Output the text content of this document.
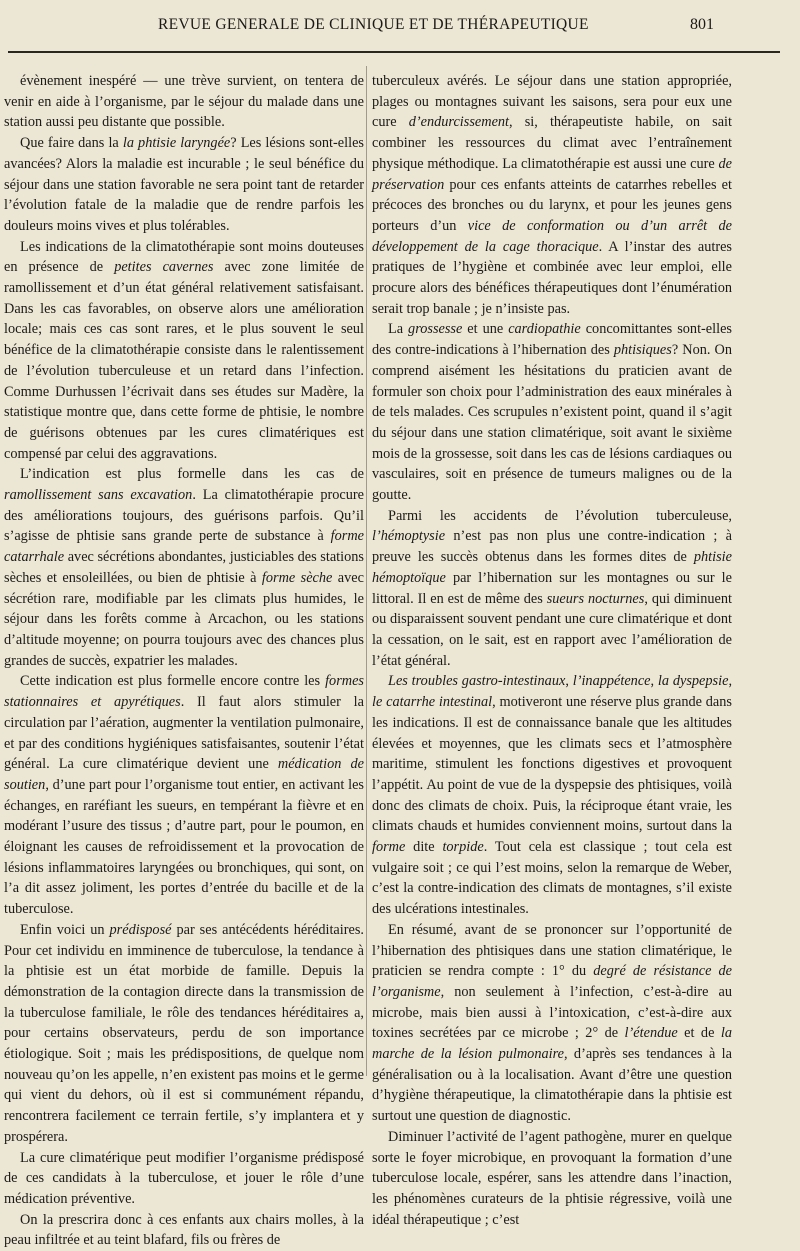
REVUE GENERALE DE CLINIQUE ET DE THÉRAPEUTIQUE	801

évènement inespéré — une trève survient, on tentera de venir en aide à l’organisme, par le séjour du malade dans une station aussi peu distante que possible.

Que faire dans la la phtisie laryngée? Les lésions sont-elles avancées? Alors la maladie est incurable ; le seul bénéfice du séjour dans une station favorable ne sera point tant de retarder l’évolution fatale de la maladie que de rendre parfois les douleurs moins vives et plus tolérables.

Les indications de la climatothérapie sont moins douteuses en présence de petites cavernes avec zone limitée de ramollissement et d’un état général relativement satisfaisant. Dans les cas favorables, on observe alors une amélioration locale; mais ces cas sont rares, et le plus souvent le seul bénéfice de la climatothérapie consiste dans le ralentissement de l’évolution tuberculeuse et un retard dans l’infection. Comme Durhussen l’écrivait dans ses études sur Madère, la statistique montre que, dans cette forme de phtisie, le nombre de guérisons obtenues par les cures climatériques est compensé par celui des aggravations.

L’indication est plus formelle dans les cas de ramollissement sans excavation. La climatothérapie procure des améliorations toujours, des guérisons parfois. Qu’il s’agisse de phtisie sans grande perte de substance à forme catarrhale avec sécrétions abondantes, justiciables des stations sèches et ensoleillées, ou bien de phtisie à forme sèche avec sécrétion rare, modifiable par les climats plus humides, le séjour dans les forêts comme à Arcachon, ou les stations d’altitude moyenne; on pourra toujours avec des chances plus grandes de succès, expatrier les malades.

Cette indication est plus formelle encore contre les formes stationnaires et apyrétiques. Il faut alors stimuler la circulation par l’aération, augmenter la ventilation pulmonaire, et par des conditions hygiéniques satisfaisantes, soutenir l’état général. La cure climatérique devient une médication de soutien, d’une part pour l’organisme tout entier, en activant les échanges, en raréfiant les sueurs, en tempérant la fièvre et en modérant l’usure des tissus ; d’autre part, pour le poumon, en éloignant les causes de refroidissement et la provocation de lésions inflammatoires laryngées ou bronchiques, qui sont, on l’a dit assez joliment, les portes d’entrée du bacille et de la tuberculose.

Enfin voici un prédisposé par ses antécédents héréditaires. Pour cet individu en imminence de tuberculose, la tendance à la phtisie est un état morbide de famille. Depuis la démonstration de la contagion directe dans la transmission de la tuberculose familiale, le rôle des tendances héréditaires a, pour certains observateurs, perdu de son importance étiologique. Soit ; mais les prédispositions, de quelque nom nouveau qu’on les appelle, n’en existent pas moins et le germe qui vient du dehors, où il est si communément répandu, rencontrera facilement ce terrain fertile, s’y implantera et y prospérera.

La cure climatérique peut modifier l’organisme prédisposé de ces candidats à la tuberculose, et jouer le rôle d’une médication préventive.

On la prescrira donc à ces enfants aux chairs molles, à la peau infiltrée et au teint blafard, fils ou frères de

tuberculeux avérés. Le séjour dans une station appropriée, plages ou montagnes suivant les saisons, sera pour eux une cure d’endurcissement, si, thérapeutiste habile, on sait combiner les ressources du climat avec l’entraînement physique méthodique. La climatothérapie est aussi une cure de préservation pour ces enfants atteints de catarrhes rebelles et précoces des bronches ou du larynx, et pour les jeunes gens porteurs d’un vice de conformation ou d’un arrêt de développement de la cage thoracique. A l’instar des autres pratiques de l’hygiène et combinée avec leur emploi, elle procure alors des bénéfices thérapeutiques dont l’énumération serait trop banale ; je n’insiste pas.

La grossesse et une cardiopathie concomittantes sont-elles des contre-indications à l’hibernation des phtisiques? Non. On comprend aisément les hésitations du praticien avant de formuler son choix pour l’administration des eaux minérales à de tels malades. Ces scrupules n’existent point, quand il s’agit du séjour dans une station climatérique, soit avant le sixième mois de la grossesse, soit dans les cas de lésions cardiaques ou vasculaires, soit en présence de tumeurs malignes ou de la goutte.

Parmi les accidents de l’évolution tuberculeuse, l’hémoptysie n’est pas non plus une contre-indication ; à preuve les succès obtenus dans les formes dites de phtisie hémoptoïque par l’hibernation sur les montagnes ou sur le littoral. Il en est de même des sueurs nocturnes, qui diminuent ou disparaissent souvent pendant une cure climatérique et dont la cessation, on le sait, est en rapport avec l’amélioration de l’état général.

Les troubles gastro-intestinaux, l’inappétence, la dyspepsie, le catarrhe intestinal, motiveront une réserve plus grande dans les indications. Il est de connaissance banale que les altitudes élevées et moyennes, que les climats secs et l’atmosphère maritime, stimulent les fonctions digestives et provoquent l’appétit. Au point de vue de la dyspepsie des phtisiques, voilà donc des climats de choix. Puis, la réciproque étant vraie, les climats chauds et humides conviennent moins, surtout dans la forme dite torpide. Tout cela est classique ; tout cela est vulgaire soit ; ce qui l’est moins, selon la remarque de Weber, c’est la contre-indication des climats de montagnes, s’il existe des ulcérations intestinales.

En résumé, avant de se prononcer sur l’opportunité de l’hibernation des phtisiques dans une station climatérique, le praticien se rendra compte : 1° du degré de résistance de l’organisme, non seulement à l’infection, c’est-à-dire au microbe, mais bien aussi à l’intoxication, c’est-à-dire aux toxines secrétées par ce microbe ; 2° de l’étendue et de la marche de la lésion pulmonaire, d’après ses tendances à la généralisation ou à la localisation. Avant d’être une question d’hygiène thérapeutique, la climatothérapie dans la phtisie est surtout une question de diagnostic.

Diminuer l’activité de l’agent pathogène, murer en quelque sorte le foyer microbique, en provoquant la formation d’une tuberculose locale, espérer, sans les attendre dans l’inaction, les phénomènes curateurs de la phtisie régressive, voilà une idéal thérapeutique ; c’est
